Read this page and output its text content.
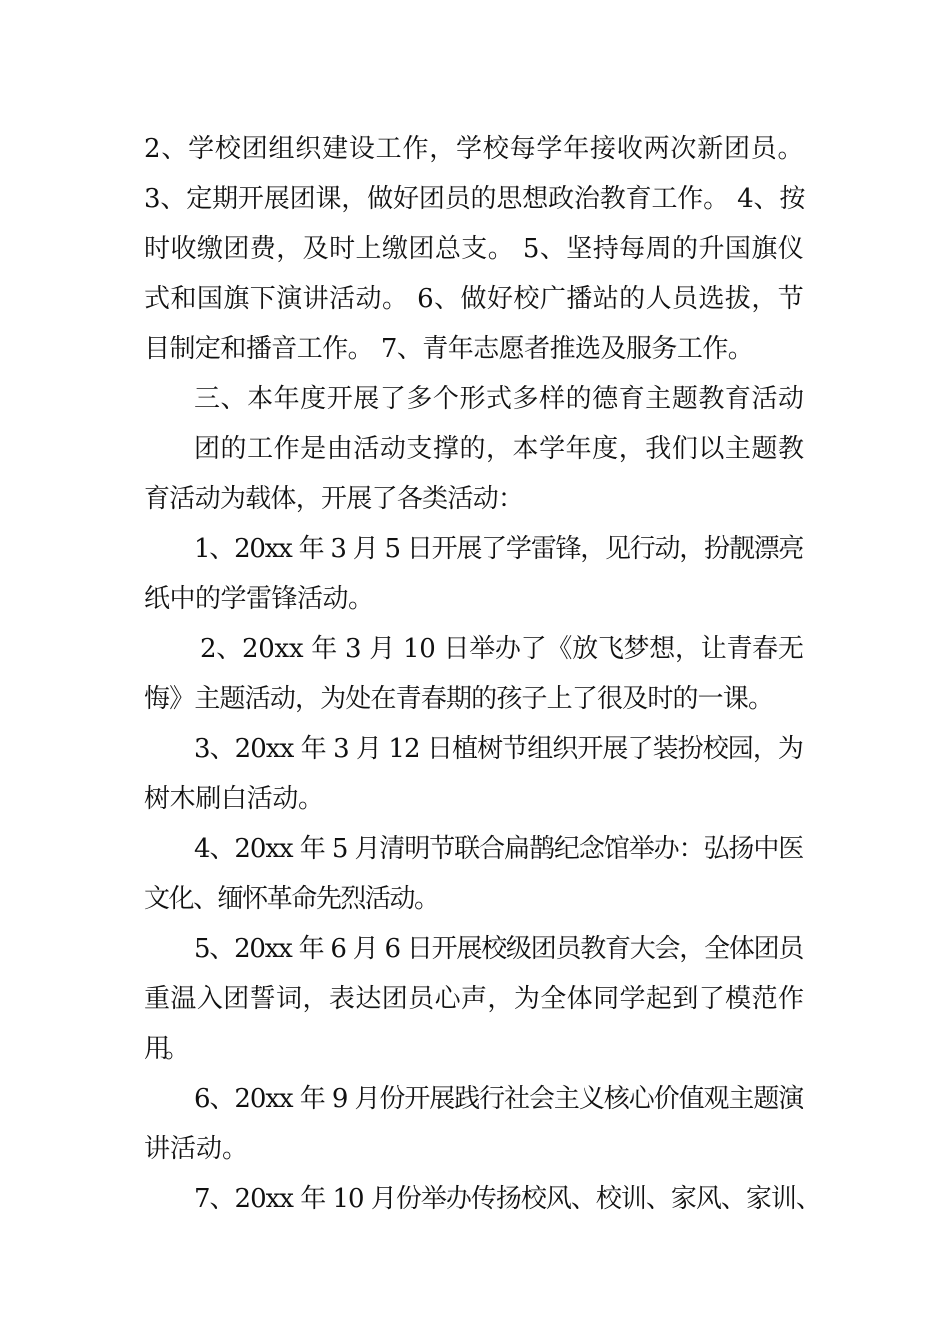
2、学校团组织建设工作，学校每学年接收两次新团员。

3、定期开展团课，做好团员的思想政治教育工作。 4、按

时收缴团费，及时上缴团总支。 5、坚持每周的升国旗仪

式和国旗下演讲活动。 6、做好校广播站的人员选拔，节

目制定和播音工作。 7、青年志愿者推选及服务工作。

三、本年度开展了多个形式多样的德育主题教育活动

团的工作是由活动支撑的，本学年度，我们以主题教

育活动为载体，开展了各类活动：

1、20xx 年 3 月 5 日开展了学雷锋，见行动，扮靓漂亮

纸中的学雷锋活动。

2、20xx 年 3 月 10 日举办了《放飞梦想，让青春无

悔》主题活动，为处在青春期的孩子上了很及时的一课。

3、20xx 年 3 月 12 日植树节组织开展了装扮校园，为

树木刷白活动。

4、20xx 年 5 月清明节联合扁鹊纪念馆举办：弘扬中医

文化、缅怀革命先烈活动。

5、20xx 年 6 月 6 日开展校级团员教育大会，全体团员

重温入团誓词，表达团员心声，为全体同学起到了模范作

用。

6、20xx 年 9 月份开展践行社会主义核心价值观主题演

讲活动。

7、20xx 年 10 月份举办传扬校风、校训、家风、家训、
